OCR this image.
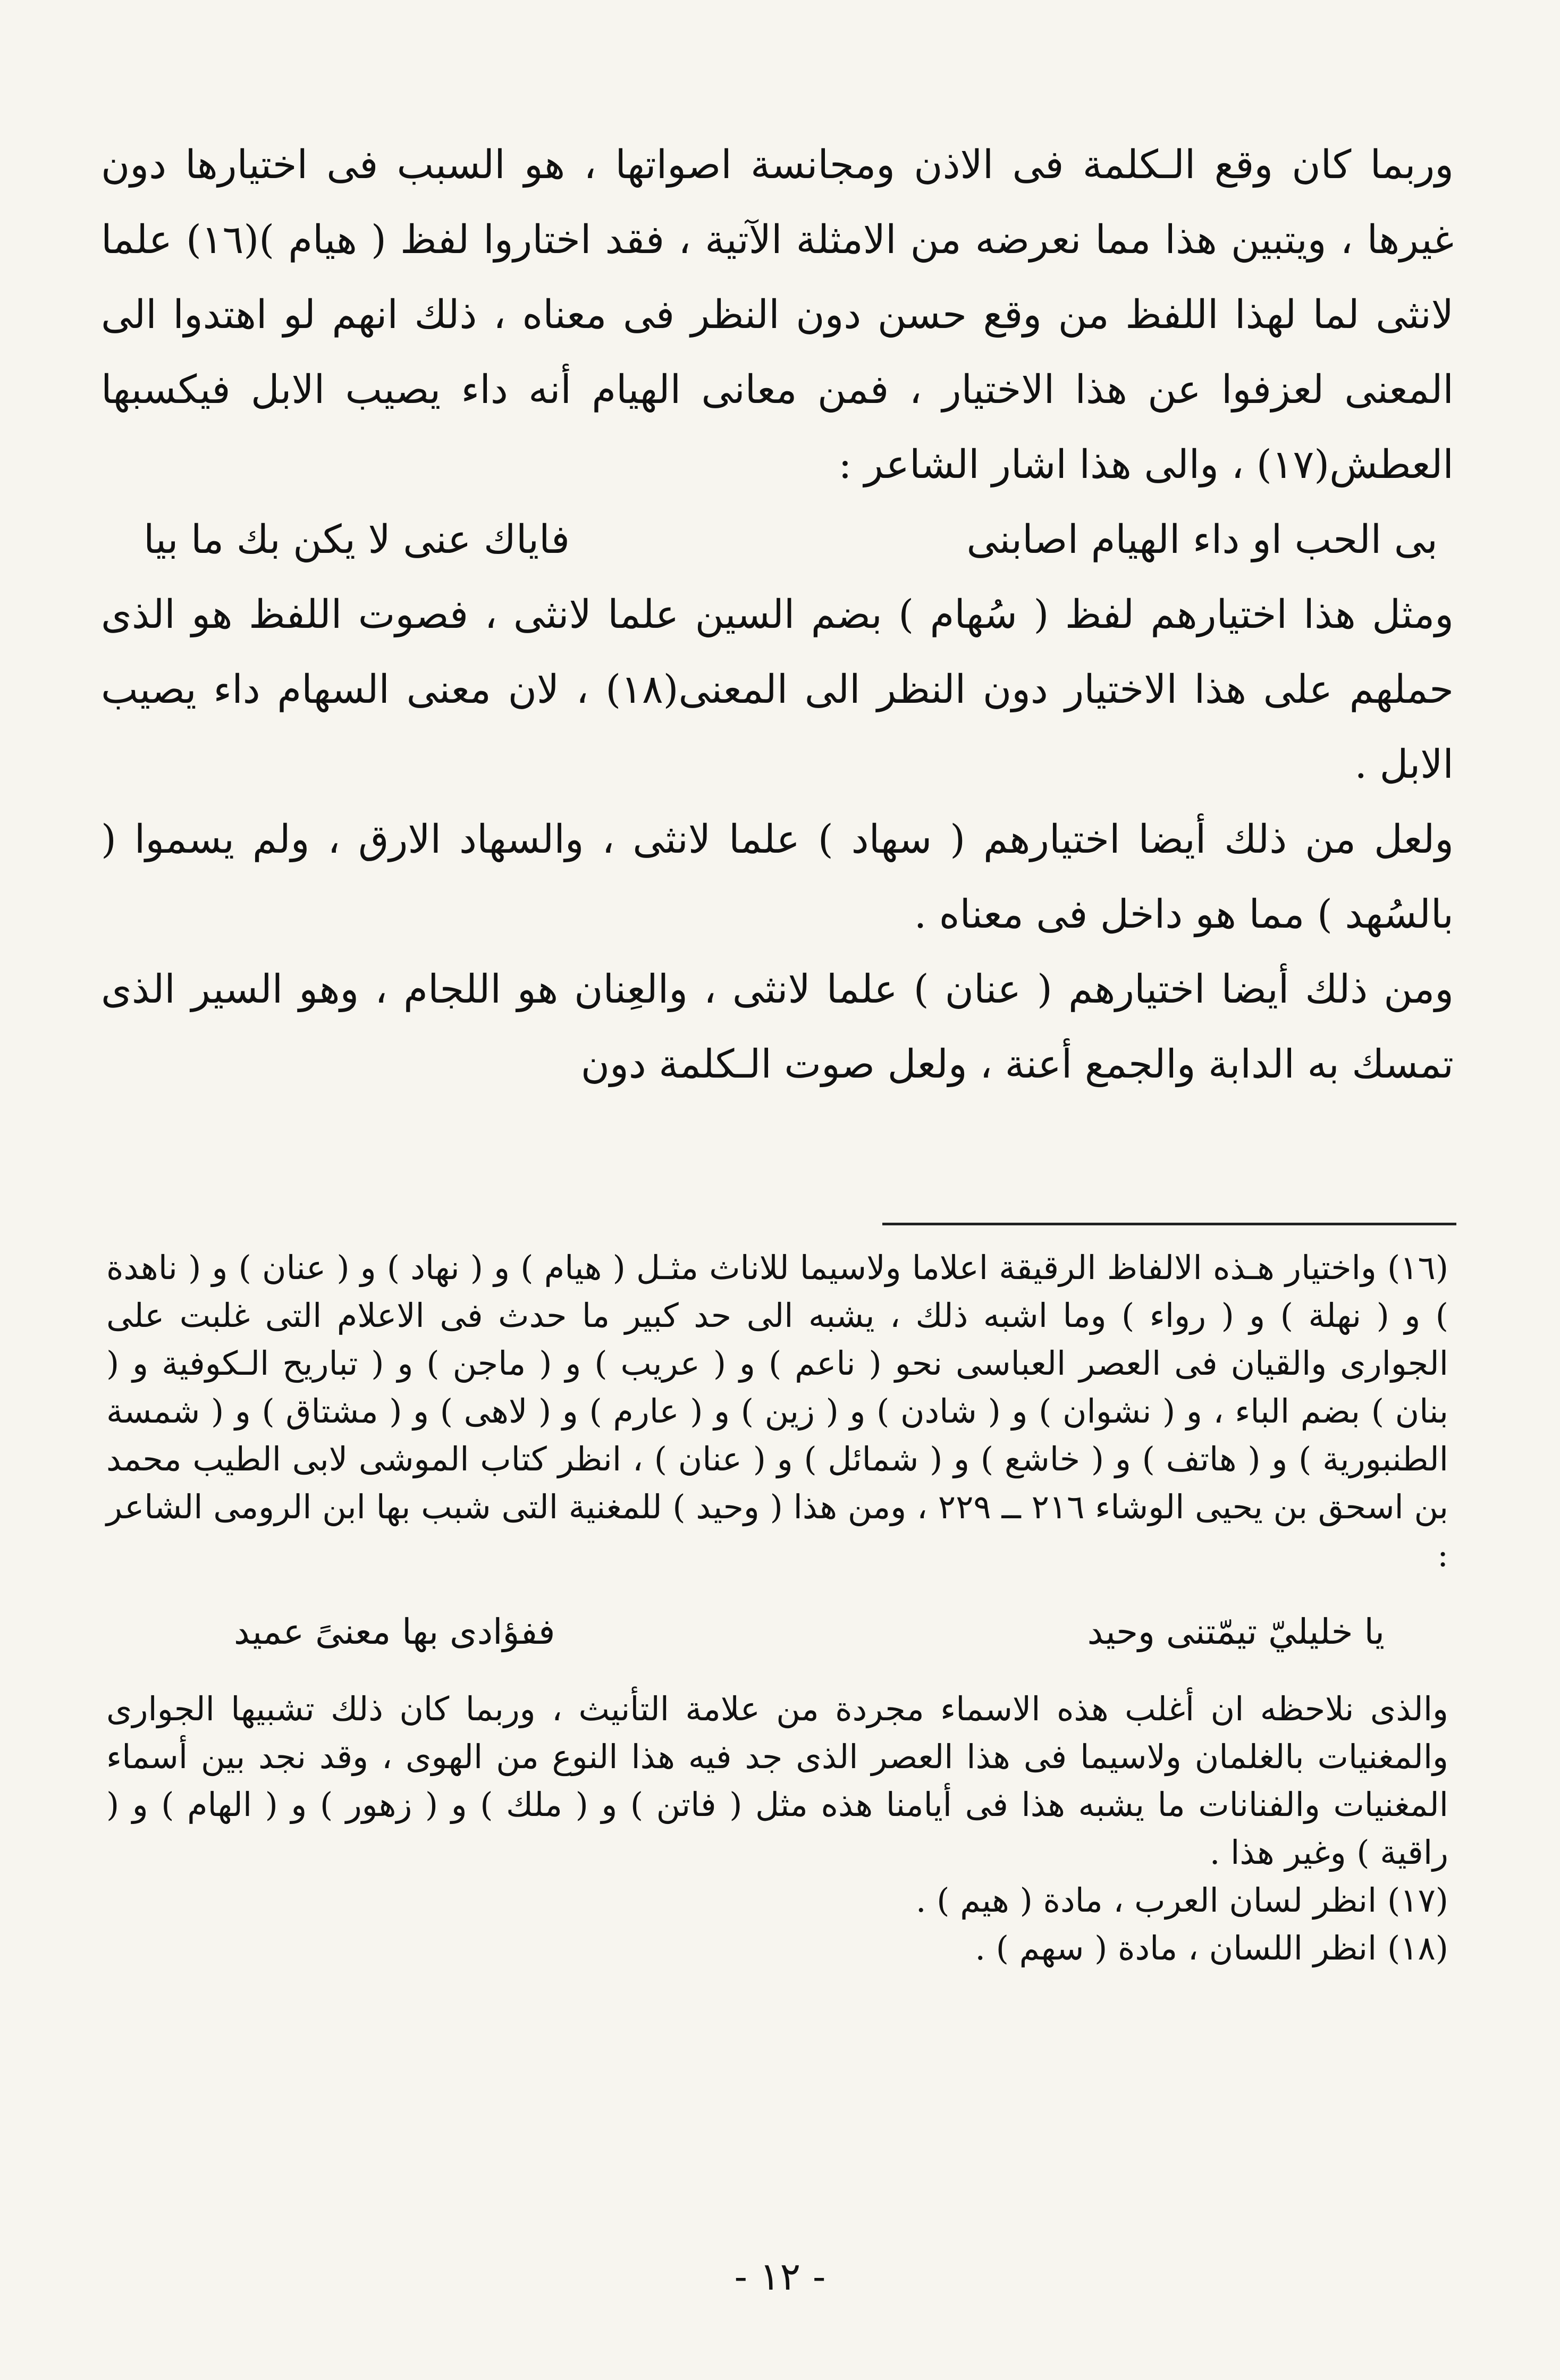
وربما كان وقع الـكلمة فى الاذن ومجانسة اصواتها ، هو السبب فى اختيارها دون غيرها ، ويتبين هذا مما نعرضه من الامثلة الآتية ، فقد اختاروا لفظ ( هيام )(١٦) علما لانثى لما لهذا اللفظ من وقع حسن دون النظر فى معناه ، ذلك انهم لو اهتدوا الى المعنى لعزفوا عن هذا الاختيار ، فمن معانى الهيام أنه داء يصيب الابل فيكسبها العطش(١٧) ، والى هذا اشار الشاعر :

بى الحب او داء الهيام اصابنى
فاياك عنى لا يكن بك ما بيا

ومثل هذا اختيارهم لفظ ( سُهام ) بضم السين علما لانثى ، فصوت اللفظ هو الذى حملهم على هذا الاختيار دون النظر الى المعنى(١٨) ، لان معنى السهام داء يصيب الابل .

ولعل من ذلك أيضا اختيارهم ( سهاد ) علما لانثى ، والسهاد الارق ، ولم يسموا ( بالسُهد ) مما هو داخل فى معناه .

ومن ذلك أيضا اختيارهم ( عنان ) علما لانثى ، والعِنان هو اللجام ، وهو السير الذى تمسك به الدابة والجمع أعنة ، ولعل صوت الـكلمة دون

(١٦) واختيار هـذه الالفاظ الرقيقة اعلاما ولاسيما للاناث مثـل ( هيام ) و ( نهاد ) و ( عنان ) و ( ناهدة ) و ( نهلة ) و ( رواء ) وما اشبه ذلك ، يشبه الى حد كبير ما حدث فى الاعلام التى غلبت على الجوارى والقيان فى العصر العباسى نحو ( ناعم ) و ( عريب ) و ( ماجن ) و ( تباريح الـكوفية و ( بنان ) بضم الباء ، و ( نشوان ) و ( شادن ) و ( زين ) و ( عارم ) و ( لاهى ) و ( مشتاق ) و ( شمسة الطنبورية ) و ( هاتف ) و ( خاشع ) و ( شمائل ) و ( عنان ) ، انظر كتاب الموشى لابى الطيب محمد بن اسحق بن يحيى الوشاء ٢١٦ ــ ٢٢٩ ، ومن هذا ( وحيد ) للمغنية التى شبب بها ابن الرومى الشاعر :

يا خليليّ تيمّتنى وحيد
ففؤادى بها معنىً عميد

والذى نلاحظه ان أغلب هذه الاسماء مجردة من علامة التأنيث ، وربما كان ذلك تشبيها الجوارى والمغنيات بالغلمان ولاسيما فى هذا العصر الذى جد فيه هذا النوع من الهوى ، وقد نجد بين أسماء المغنيات والفنانات ما يشبه هذا فى أيامنا هذه مثل ( فاتن ) و ( ملك ) و ( زهور ) و ( الهام ) و ( راقية ) وغير هذا .

(١٧) انظر لسان العرب ، مادة ( هيم ) .

(١٨) انظر اللسان ، مادة ( سهم ) .

- ١٢ -
